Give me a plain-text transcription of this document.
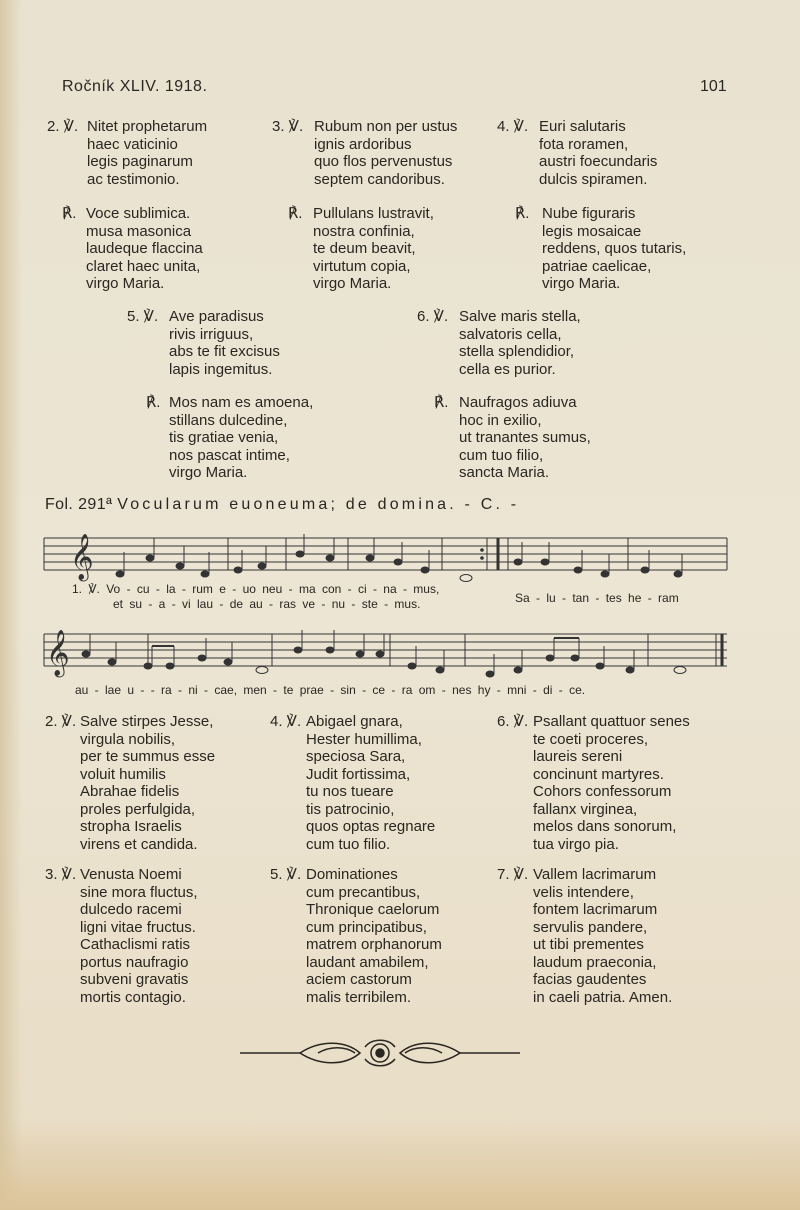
Ročník XLIV. 1918.	101
2. ℣. Nitet prophetarum
haec vaticinio
legis paginarum
ac testimonio.
3. ℣. Rubum non per ustus
ignis ardoribus
quo flos pervenustus
septem candoribus.
4. ℣. Euri salutaris
fota roramen,
austri foecundaris
dulcis spiramen.
℟. Voce sublimica.
musa masonica
laudeque flaccina
claret haec unita,
virgo Maria.
℟. Pullulans lustravit,
nostra confinia,
te deum beavit,
virtutum copia,
virgo Maria.
℟. Nube figuraris
legis mosaicae
reddens, quos tutaris,
patriae caelicae,
virgo Maria.
5. ℣. Ave paradisus
rivis irriguus,
abs te fit excisus
lapis ingemitus.
6. ℣. Salve maris stella,
salvatoris cella,
stella splendidior,
cella es purior.
℟. Mos nam es amoena,
stillans dulcedine,
tis gratiae venia,
nos pascat intime,
virgo Maria.
℟. Naufragos adiuva
hoc in exilio,
ut tranantes sumus,
cum tuo filio,
sancta Maria.
Fol. 291ª Vocularum euoneuma; de domina. - C. -
𝄞
𝄞
1. ℣. Vo - cu - la - rum e - uo neu - ma con - ci - na - mus,
et su - a - vi lau - de au - ras ve - nu - ste - mus.	Sa - lu - tan - tes he - ram
au - lae u - - ra - ni - cae, men - te prae - sin - ce - ra om - nes hy - mni - di - ce.
2. ℣. Salve stirpes Jesse,
virgula nobilis,
per te summus esse
voluit humilis
Abrahae fidelis
proles perfulgida,
stropha Israelis
virens et candida.
4. ℣. Abigael gnara,
Hester humillima,
speciosa Sara,
Judit fortissima,
tu nos tueare
tis patrocinio,
quos optas regnare
cum tuo filio.
6. ℣. Psallant quattuor senes
te coeti proceres,
laureis sereni
concinunt martyres.
Cohors confessorum
fallanx virginea,
melos dans sonorum,
tua virgo pia.
3. ℣. Venusta Noemi
sine mora fluctus,
dulcedo racemi
ligni vitae fructus.
Cathaclismi ratis
portus naufragio
subveni gravatis
mortis contagio.
5. ℣. Dominationes
cum precantibus,
Thronique caelorum
cum principatibus,
matrem orphanorum
laudant amabilem,
aciem castorum
malis terribilem.
7. ℣. Vallem lacrimarum
velis intendere,
fontem lacrimarum
servulis pandere,
ut tibi prementes
laudum praeconia,
facias gaudentes
in caeli patria. Amen.
